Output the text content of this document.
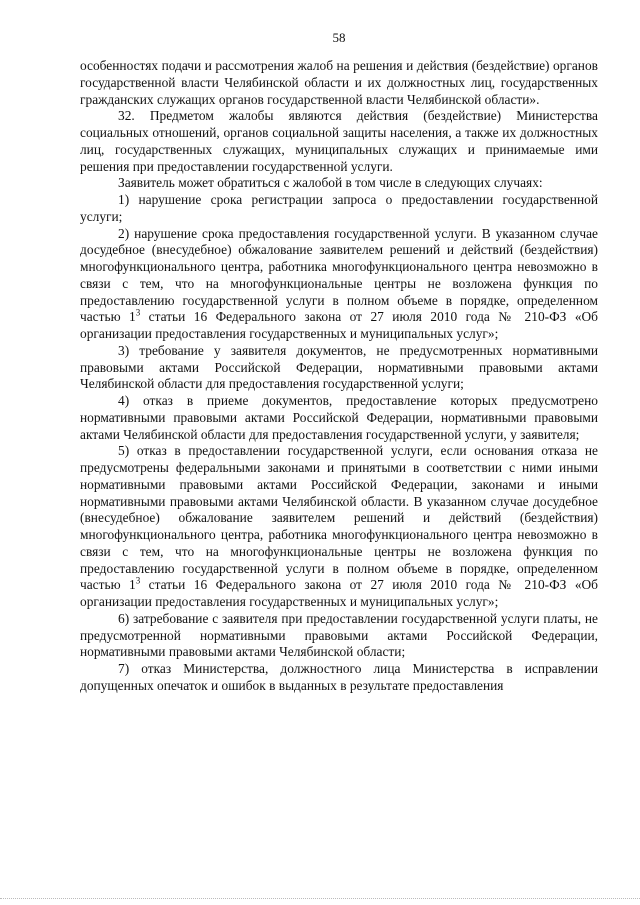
58

особенностях подачи и рассмотрения жалоб на решения и действия (бездействие) органов государственной власти Челябинской области и их должностных лиц, государственных гражданских служащих органов государственной власти Челябинской области».

32. Предметом жалобы являются действия (бездействие) Министерства социальных отношений, органов социальной защиты населения, а также их должностных лиц, государственных служащих, муниципальных служащих и принимаемые ими решения при предоставлении государственной услуги.

Заявитель может обратиться с жалобой в том числе в следующих случаях:

1) нарушение срока регистрации запроса о предоставлении государственной услуги;

2) нарушение срока предоставления государственной услуги. В указанном случае досудебное (внесудебное) обжалование заявителем решений и действий (бездействия) многофункционального центра, работника многофункционального центра невозможно в связи с тем, что на многофункциональные центры не возложена функция по предоставлению государственной услуги в полном объеме в порядке, определенном частью $1^3$ статьи 16 Федерального закона от 27 июля 2010 года № 210-ФЗ «Об организации предоставления государственных и муниципальных услуг»;

3) требование у заявителя документов, не предусмотренных нормативными правовыми актами Российской Федерации, нормативными правовыми актами Челябинской области для предоставления государственной услуги;

4) отказ в приеме документов, предоставление которых предусмотрено нормативными правовыми актами Российской Федерации, нормативными правовыми актами Челябинской области для предоставления государственной услуги, у заявителя;

5) отказ в предоставлении государственной услуги, если основания отказа не предусмотрены федеральными законами и принятыми в соответствии с ними иными нормативными правовыми актами Российской Федерации, законами и иными нормативными правовыми актами Челябинской области. В указанном случае досудебное (внесудебное) обжалование заявителем решений и действий (бездействия) многофункционального центра, работника многофункционального центра невозможно в связи с тем, что на многофункциональные центры не возложена функция по предоставлению государственной услуги в полном объеме в порядке, определенном частью $1^3$ статьи 16 Федерального закона от 27 июля 2010 года № 210-ФЗ «Об организации предоставления государственных и муниципальных услуг»;

6) затребование с заявителя при предоставлении государственной услуги платы, не предусмотренной нормативными правовыми актами Российской Федерации, нормативными правовыми актами Челябинской области;

7) отказ Министерства, должностного лица Министерства в исправлении допущенных опечаток и ошибок в выданных в результате предоставления
